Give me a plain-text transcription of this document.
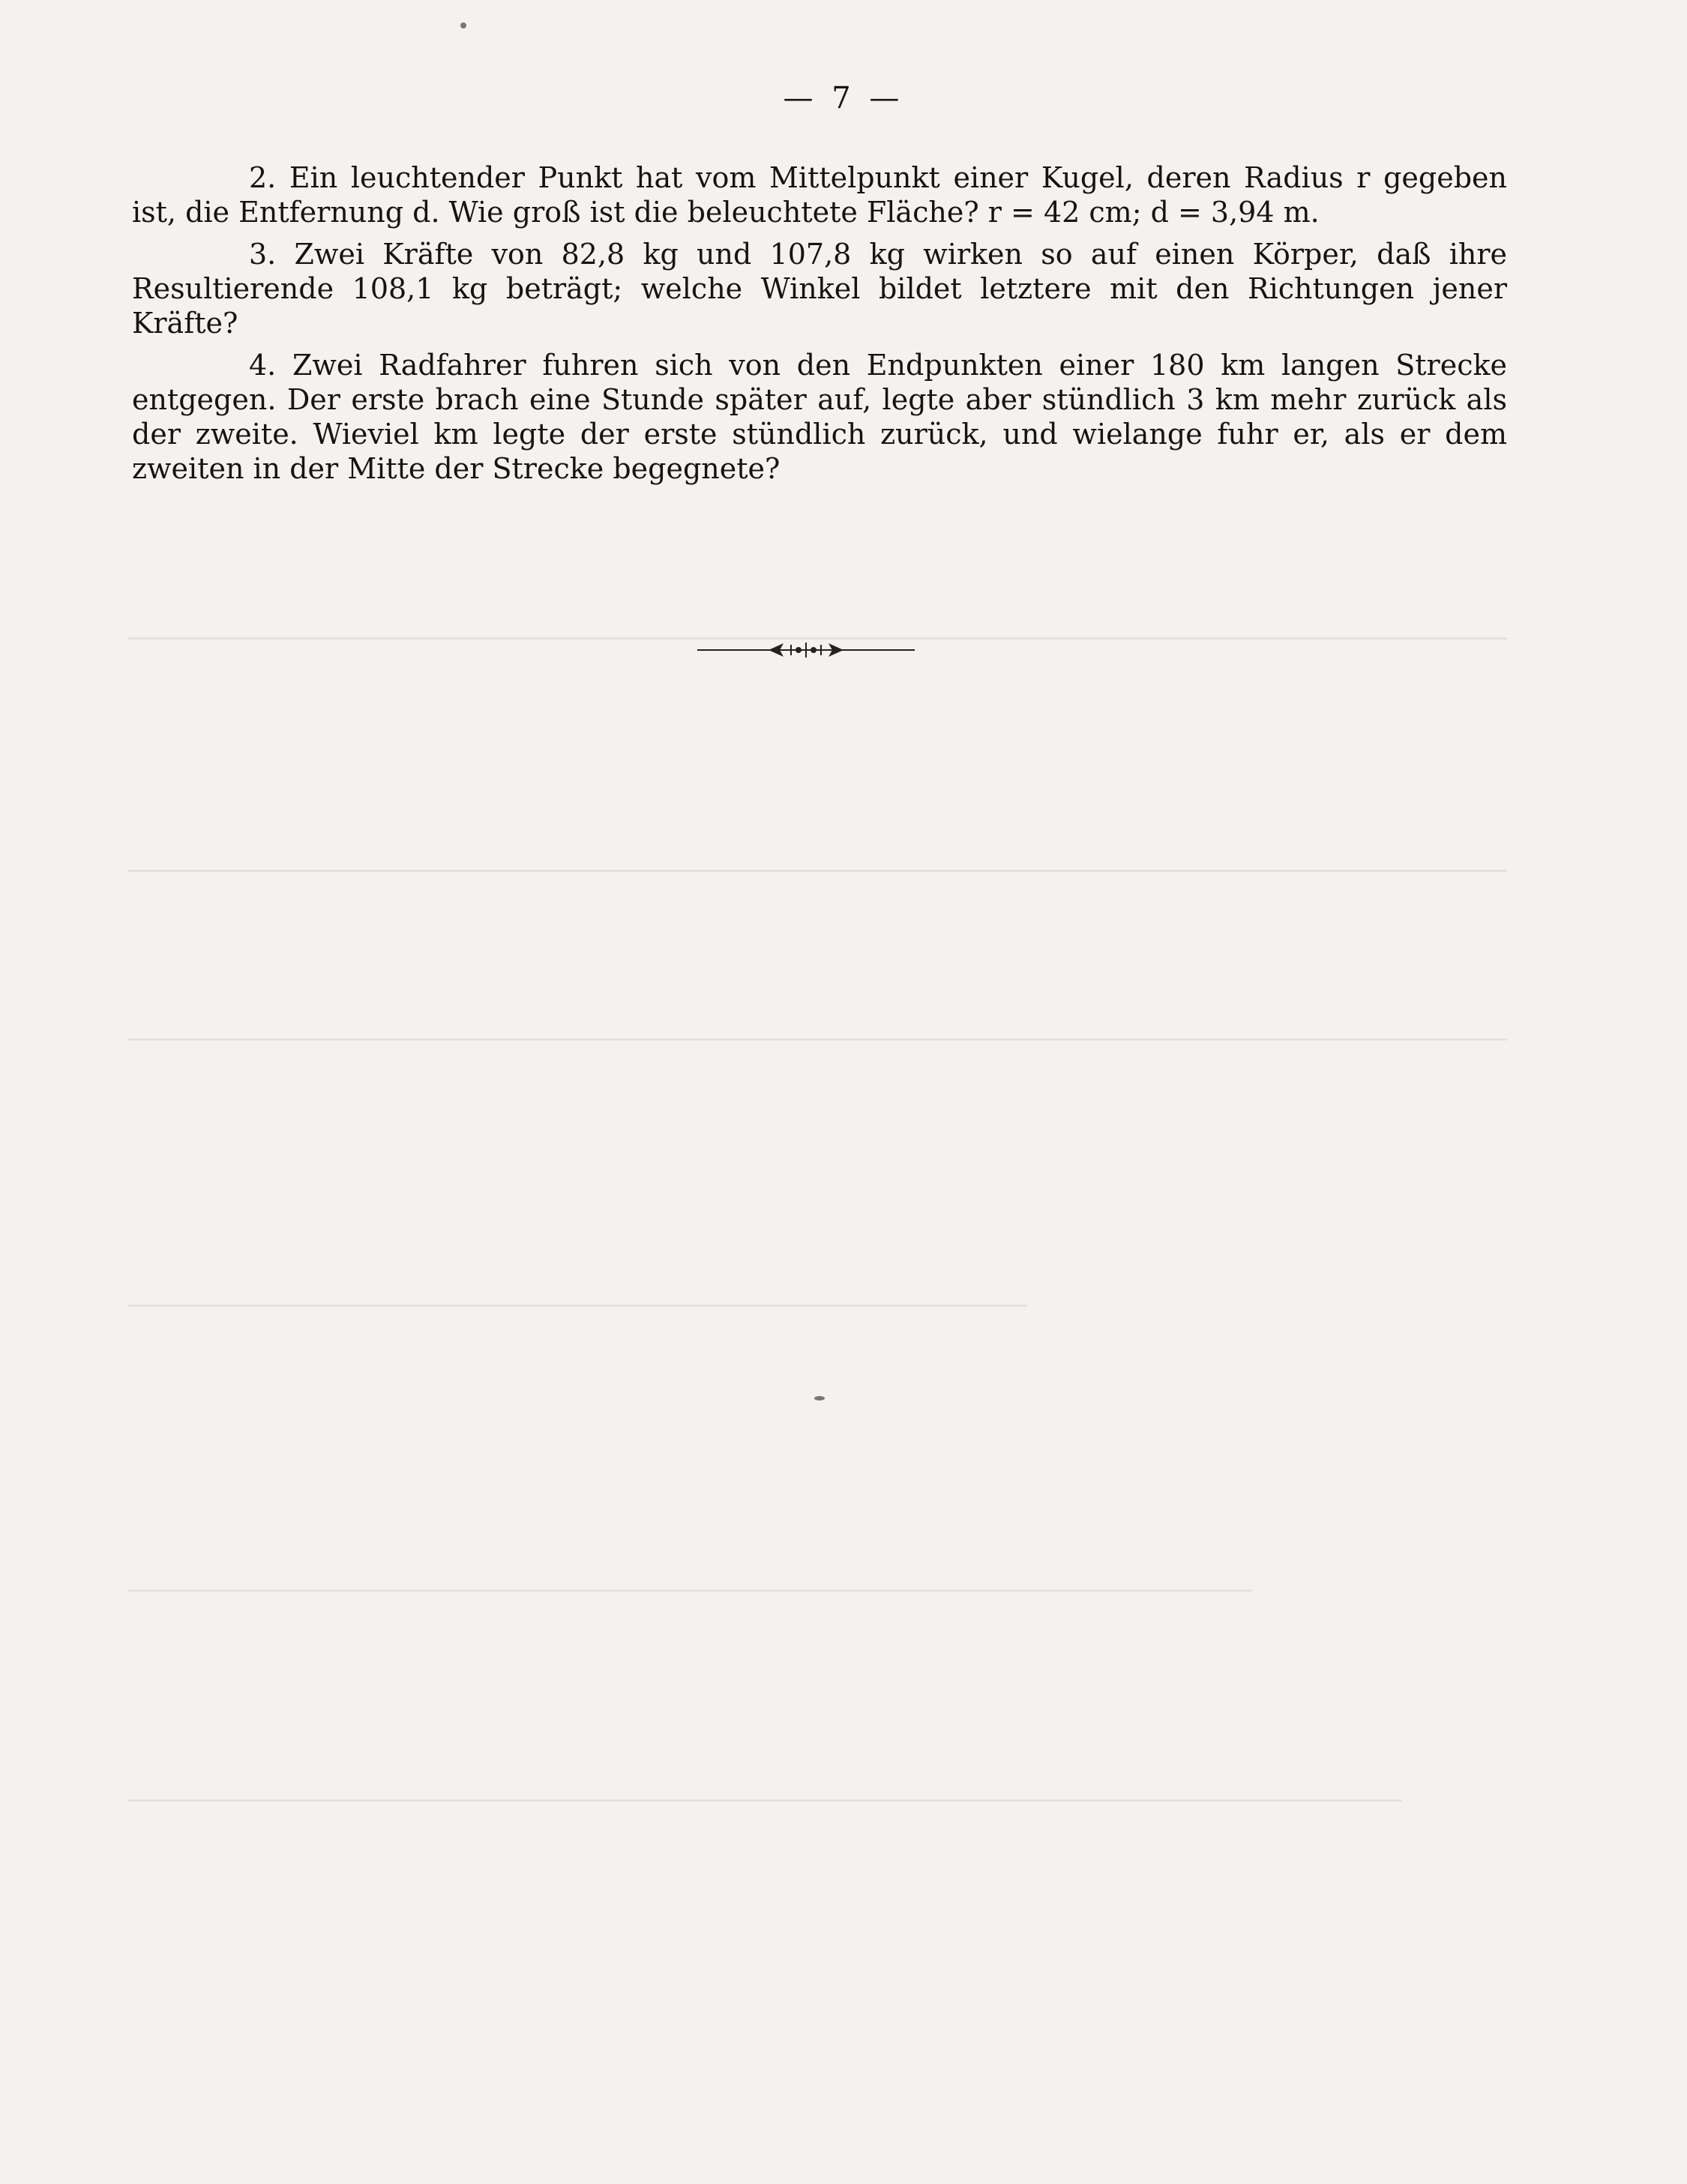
— 7 —

2. Ein leuchtender Punkt hat vom Mittelpunkt einer Kugel, deren Radius r gegeben ist, die Entfernung d. Wie groß ist die beleuchtete Fläche? r = 42 cm; d = 3,94 m.

3. Zwei Kräfte von 82,8 kg und 107,8 kg wirken so auf einen Körper, daß ihre Resultierende 108,1 kg beträgt; welche Winkel bildet letztere mit den Richtungen jener Kräfte?

4. Zwei Radfahrer fuhren sich von den Endpunkten einer 180 km langen Strecke entgegen. Der erste brach eine Stunde später auf, legte aber stündlich 3 km mehr zurück als der zweite. Wieviel km legte der erste stündlich zurück, und wielange fuhr er, als er dem zweiten in der Mitte der Strecke begegnete?
